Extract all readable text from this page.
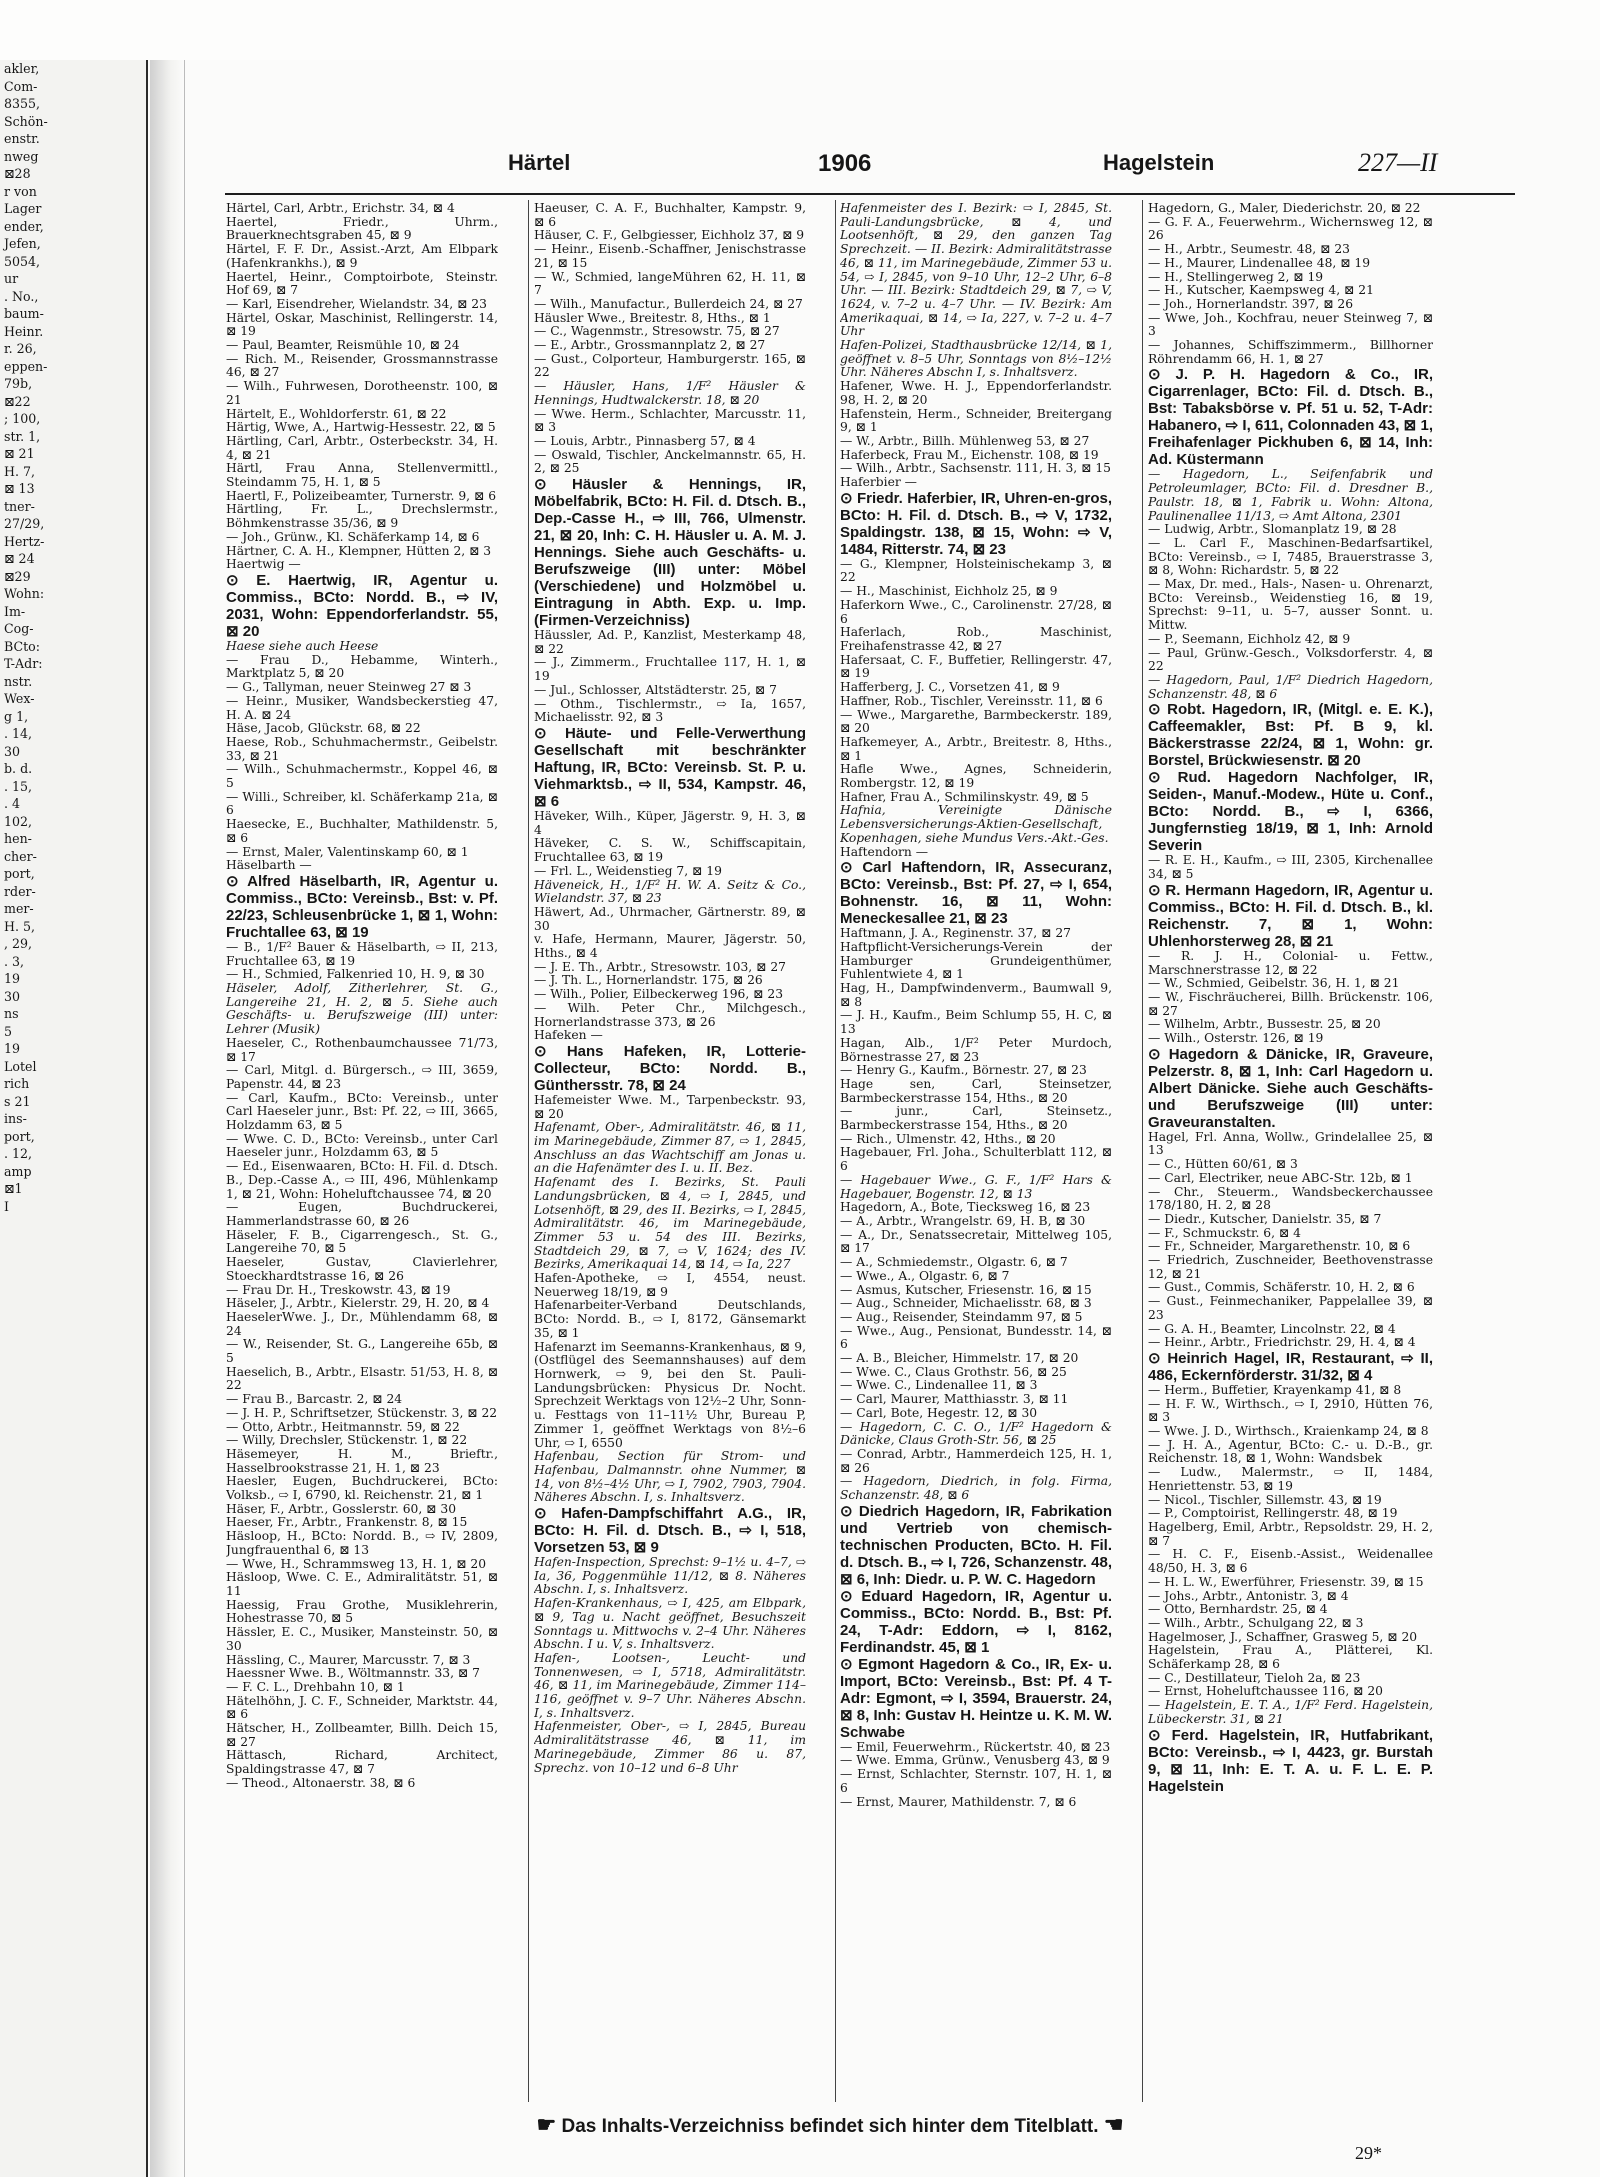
akler,
Com-
8355,
Schön-
enstr.
nweg
⊠28
r von
Lager
ender,
Jefen,
5054,
ur
. No.,
baum-
Heinr.
r. 26,
eppen-
79b,
⊠22
; 100,
str. 1,
⊠ 21
H. 7,
⊠ 13
tner-
27/29,
Hertz-
⊠ 24
⊠29
Wohn:
Im-
Cog-
BCto:
T-Adr:
nstr.
Wex-
g 1,
. 14,
30
b. d.
. 15,
. 4
102,
hen-
cher-
port,
rder-
mer-
H. 5,
, 29,
. 3,
19
30
ns
5
19
Lotel
rich
s 21
ins-
port,
. 12,
amp
⊠1
I
Härtel	1906	Hagelstein	227—II
Härtel, Carl, Arbtr., Erichstr. 34, ⊠ 4
Haertel, Friedr., Uhrm., Brauerknechtsgraben 45, ⊠ 9
Härtel, F. F. Dr., Assist.-Arzt, Am Elbpark (Hafenkrankhs.), ⊠ 9
Haertel, Heinr., Comptoirbote, Steinstr. Hof 69, ⊠ 7
— Karl, Eisendreher, Wielandstr. 34, ⊠ 23
Härtel, Oskar, Maschinist, Rellingerstr. 14, ⊠ 19
— Paul, Beamter, Reismühle 10, ⊠ 24
— Rich. M., Reisender, Grossmannstrasse 46, ⊠ 27
— Wilh., Fuhrwesen, Dorotheenstr. 100, ⊠ 21
Härtelt, E., Wohldorferstr. 61, ⊠ 22
Härtig, Wwe, A., Hartwig-Hessestr. 22, ⊠ 5
Härtling, Carl, Arbtr., Osterbeckstr. 34, H. 4, ⊠ 21
Härtl, Frau Anna, Stellenvermittl., Steindamm 75, H. 1, ⊠ 5
Haertl, F., Polizeibeamter, Turnerstr. 9, ⊠ 6
Härtling, Fr. L., Drechslermstr., Böhmkenstrasse 35/36, ⊠ 9
— Joh., Grünw., Kl. Schäferkamp 14, ⊠ 6
Härtner, C. A. H., Klempner, Hütten 2, ⊠ 3
Haertwig —
⊙ E. Haertwig, IR, Agentur u. Commiss., BCto: Nordd. B., ⇨ IV, 2031, Wohn: Eppendorferlandstr. 55, ⊠ 20
Haese siehe auch Heese
— Frau D., Hebamme, Winterh., Marktplatz 5, ⊠ 20
— G., Tallyman, neuer Steinweg 27 ⊠ 3
— Heinr., Musiker, Wandsbeckerstieg 47, H. A. ⊠ 24
Häse, Jacob, Glückstr. 68, ⊠ 22
Haese, Rob., Schuhmachermstr., Geibelstr. 33, ⊠ 21
— Wilh., Schuhmachermstr., Koppel 46, ⊠ 5
— Willi., Schreiber, kl. Schäferkamp 21a, ⊠ 6
Haesecke, E., Buchhalter, Mathildenstr. 5, ⊠ 6
— Ernst, Maler, Valentinskamp 60, ⊠ 1
Häselbarth —
⊙ Alfred Häselbarth, IR, Agentur u. Commiss., BCto: Vereinsb., Bst: v. Pf. 22/23, Schleusenbrücke 1, ⊠ 1, Wohn: Fruchtallee 63, ⊠ 19
— B., 1/F² Bauer & Häselbarth, ⇨ II, 213, Fruchtallee 63, ⊠ 19
— H., Schmied, Falkenried 10, H. 9, ⊠ 30
Häseler, Adolf, Zitherlehrer, St. G., Langereihe 21, H. 2, ⊠ 5. Siehe auch Geschäfts- u. Berufszweige (III) unter: Lehrer (Musik)
Haeseler, C., Rothenbaumchaussee 71/73, ⊠ 17
— Carl, Mitgl. d. Bürgersch., ⇨ III, 3659, Papenstr. 44, ⊠ 23
— Carl, Kaufm., BCto: Vereinsb., unter Carl Haeseler junr., Bst: Pf. 22, ⇨ III, 3665, Holzdamm 63, ⊠ 5
— Wwe. C. D., BCto: Vereinsb., unter Carl Haeseler junr., Holzdamm 63, ⊠ 5
— Ed., Eisenwaaren, BCto: H. Fil. d. Dtsch. B., Dep.-Casse A., ⇨ III, 496, Mühlenkamp 1, ⊠ 21, Wohn: Hoheluftchaussee 74, ⊠ 20
— Eugen, Buchdruckerei, Hammerlandstrasse 60, ⊠ 26
Häseler, F. B., Cigarrengesch., St. G., Langereihe 70, ⊠ 5
Haeseler, Gustav, Clavierlehrer, Stoeckhardtstrasse 16, ⊠ 26
— Frau Dr. H., Treskowstr. 43, ⊠ 19
Häseler, J., Arbtr., Kielerstr. 29, H. 20, ⊠ 4
HaeselerWwe. J., Dr., Mühlendamm 68, ⊠ 24
— W., Reisender, St. G., Langereihe 65b, ⊠ 5
Haeselich, B., Arbtr., Elsastr. 51/53, H. 8, ⊠ 22
— Frau B., Barcastr. 2, ⊠ 24
— J. H. P., Schriftsetzer, Stückenstr. 3, ⊠ 22
— Otto, Arbtr., Heitmannstr. 59, ⊠ 22
— Willy, Drechsler, Stückenstr. 1, ⊠ 22
Häsemeyer, H. M., Brieftr., Hasselbrookstrasse 21, H. 1, ⊠ 23
Haesler, Eugen, Buchdruckerei, BCto: Volksb., ⇨ I, 6790, kl. Reichenstr. 21, ⊠ 1
Häser, F., Arbtr., Gosslerstr. 60, ⊠ 30
Haeser, Fr., Arbtr., Frankenstr. 8, ⊠ 15
Häsloop, H., BCto: Nordd. B., ⇨ IV, 2809, Jungfrauenthal 6, ⊠ 13
— Wwe, H., Schrammsweg 13, H. 1, ⊠ 20
Häsloop, Wwe. C. E., Admiralitätstr. 51, ⊠ 11
Haessig, Frau Grothe, Musiklehrerin, Hohestrasse 70, ⊠ 5
Hässler, E. C., Musiker, Mansteinstr. 50, ⊠ 30
Hässling, C., Maurer, Marcusstr. 7, ⊠ 3
Haessner Wwe. B., Wöltmannstr. 33, ⊠ 7
— F. C. L., Drehbahn 10, ⊠ 1
Hätelhöhn, J. C. F., Schneider, Marktstr. 44, ⊠ 6
Hätscher, H., Zollbeamter, Billh. Deich 15, ⊠ 27
Hättasch, Richard, Architect, Spaldingstrasse 47, ⊠ 7
— Theod., Altonaerstr. 38, ⊠ 6
Haeuser, C. A. F., Buchhalter, Kampstr. 9, ⊠ 6
Häuser, C. F., Gelbgiesser, Eichholz 37, ⊠ 9
— Heinr., Eisenb.-Schaffner, Jenischstrasse 21, ⊠ 15
— W., Schmied, langeMühren 62, H. 11, ⊠ 7
— Wilh., Manufactur., Bullerdeich 24, ⊠ 27
Häusler Wwe., Breitestr. 8, Hths., ⊠ 1
— C., Wagenmstr., Stresowstr. 75, ⊠ 27
— E., Arbtr., Grossmannplatz 2, ⊠ 27
— Gust., Colporteur, Hamburgerstr. 165, ⊠ 22
— Häusler, Hans, 1/F² Häusler & Hennings, Hudtwalckerstr. 18, ⊠ 20
— Wwe. Herm., Schlachter, Marcusstr. 11, ⊠ 3
— Louis, Arbtr., Pinnasberg 57, ⊠ 4
— Oswald, Tischler, Anckelmannstr. 65, H. 2, ⊠ 25
⊙ Häusler & Hennings, IR, Möbelfabrik, BCto: H. Fil. d. Dtsch. B., Dep.-Casse H., ⇨ III, 766, Ulmenstr. 21, ⊠ 20, Inh: C. H. Häusler u. A. M. J. Hennings. Siehe auch Geschäfts- u. Berufszweige (III) unter: Möbel (Verschiedene) und Holzmöbel u. Eintragung in Abth. Exp. u. Imp. (Firmen-Verzeichniss)
Häussler, Ad. P., Kanzlist, Mesterkamp 48, ⊠ 22
— J., Zimmerm., Fruchtallee 117, H. 1, ⊠ 19
— Jul., Schlosser, Altstädterstr. 25, ⊠ 7
— Othm., Tischlermstr., ⇨ Ia, 1657, Michaelisstr. 92, ⊠ 3
⊙ Häute- und Felle-Verwerthung Gesellschaft mit beschränkter Haftung, IR, BCto: Vereinsb. St. P. u. Viehmarktsb., ⇨ II, 534, Kampstr. 46, ⊠ 6
Häveker, Wilh., Küper, Jägerstr. 9, H. 3, ⊠ 4
Häveker, C. S. W., Schiffscapitain, Fruchtallee 63, ⊠ 19
— Frl. L., Weidenstieg 7, ⊠ 19
Häveneick, H., 1/F² H. W. A. Seitz & Co., Wielandstr. 37, ⊠ 23
Häwert, Ad., Uhrmacher, Gärtnerstr. 89, ⊠ 30
v. Hafe, Hermann, Maurer, Jägerstr. 50, Hths., ⊠ 4
— J. E. Th., Arbtr., Stresowstr. 103, ⊠ 27
— J. Th. L., Hornerlandstr. 175, ⊠ 26
— Wilh., Polier, Eilbeckerweg 196, ⊠ 23
— Wilh. Peter Chr., Milchgesch., Hornerlandstrasse 373, ⊠ 26
Hafeken —
⊙ Hans Hafeken, IR, Lotterie-Collecteur, BCto: Nordd. B., Günthersstr. 78, ⊠ 24
Hafemeister Wwe. M., Tarpenbeckstr. 93, ⊠ 20
Hafenamt, Ober-, Admiralitätstr. 46, ⊠ 11, im Marinegebäude, Zimmer 87, ⇨ 1, 2845, Anschluss an das Wachtschiff am Jonas u. an die Hafenämter des I. u. II. Bez.
Hafenamt des I. Bezirks, St. Pauli Landungsbrücken, ⊠ 4, ⇨ I, 2845, und Lotsenhöft, ⊠ 29, des II. Bezirks, ⇨ I, 2845, Admiralitätstr. 46, im Marinegebäude, Zimmer 53 u. 54 des III. Bezirks, Stadtdeich 29, ⊠ 7, ⇨ V, 1624; des IV. Bezirks, Amerikaquai 14, ⊠ 14, ⇨ Ia, 227
Hafen-Apotheke, ⇨ I, 4554, neust. Neuerweg 18/19, ⊠ 9
Hafenarbeiter-Verband Deutschlands, BCto: Nordd. B., ⇨ I, 8172, Gänsemarkt 35, ⊠ 1
Hafenarzt im Seemanns-Krankenhaus, ⊠ 9, (Ostflügel des Seemannshauses) auf dem Hornwerk, ⇨ 9, bei den St. Pauli-Landungsbrücken: Physicus Dr. Nocht. Sprechzeit Werktags von 12½–2 Uhr, Sonn- u. Festtags von 11–11½ Uhr, Bureau P, Zimmer 1, geöffnet Werktags von 8½–6 Uhr, ⇨ I, 6550
Hafenbau, Section für Strom- und Hafenbau, Dalmannstr. ohne Nummer, ⊠ 14, von 8½–4½ Uhr, ⇨ I, 7902, 7903, 7904. Näheres Abschn. I, s. Inhaltsverz.
⊙ Hafen-Dampfschiffahrt A.G., IR, BCto: H. Fil. d. Dtsch. B., ⇨ I, 518, Vorsetzen 53, ⊠ 9
Hafen-Inspection, Sprechst: 9–1½ u. 4–7, ⇨ Ia, 36, Poggenmühle 11/12, ⊠ 8. Näheres Abschn. I, s. Inhaltsverz.
Hafen-Krankenhaus, ⇨ I, 425, am Elbpark, ⊠ 9, Tag u. Nacht geöffnet, Besuchszeit Sonntags u. Mittwochs v. 2–4 Uhr. Näheres Abschn. I u. V, s. Inhaltsverz.
Hafen-, Lootsen-, Leucht- und Tonnenwesen, ⇨ I, 5718, Admiralitätstr. 46, ⊠ 11, im Marinegebäude, Zimmer 114–116, geöffnet v. 9–7 Uhr. Näheres Abschn. I, s. Inhaltsverz.
Hafenmeister, Ober-, ⇨ I, 2845, Bureau Admiralitätstrasse 46, ⊠ 11, im Marinegebäude, Zimmer 86 u. 87, Sprechz. von 10–12 und 6–8 Uhr
Hafenmeister des I. Bezirk: ⇨ I, 2845, St. Pauli-Landungsbrücke, ⊠ 4, und Lootsenhöft, ⊠ 29, den ganzen Tag Sprechzeit. — II. Bezirk: Admiralitätstrasse 46, ⊠ 11, im Marinegebäude, Zimmer 53 u. 54, ⇨ I, 2845, von 9–10 Uhr, 12–2 Uhr, 6–8 Uhr. — III. Bezirk: Stadtdeich 29, ⊠ 7, ⇨ V, 1624, v. 7–2 u. 4–7 Uhr. — IV. Bezirk: Am Amerikaquai, ⊠ 14, ⇨ Ia, 227, v. 7–2 u. 4–7 Uhr
Hafen-Polizei, Stadthausbrücke 12/14, ⊠ 1, geöffnet v. 8–5 Uhr, Sonntags von 8½–12½ Uhr. Näheres Abschn I, s. Inhaltsverz.
Hafener, Wwe. H. J., Eppendorferlandstr. 98, H. 2, ⊠ 20
Hafenstein, Herm., Schneider, Breitergang 9, ⊠ 1
— W., Arbtr., Billh. Mühlenweg 53, ⊠ 27
Haferbeck, Frau M., Eichenstr. 108, ⊠ 19
— Wilh., Arbtr., Sachsenstr. 111, H. 3, ⊠ 15
Haferbier —
⊙ Friedr. Haferbier, IR, Uhren-en-gros, BCto: H. Fil. d. Dtsch. B., ⇨ V, 1732, Spaldingstr. 138, ⊠ 15, Wohn: ⇨ V, 1484, Ritterstr. 74, ⊠ 23
— G., Klempner, Holsteinischekamp 3, ⊠ 22
— H., Maschinist, Eichholz 25, ⊠ 9
Haferkorn Wwe., C., Carolinenstr. 27/28, ⊠ 6
Haferlach, Rob., Maschinist, Freihafenstrasse 42, ⊠ 27
Hafersaat, C. F., Buffetier, Rellingerstr. 47, ⊠ 19
Hafferberg, J. C., Vorsetzen 41, ⊠ 9
Haffner, Rob., Tischler, Vereinsstr. 11, ⊠ 6
— Wwe., Margarethe, Barmbeckerstr. 189, ⊠ 20
Hafkemeyer, A., Arbtr., Breitestr. 8, Hths., ⊠ 1
Hafle Wwe., Agnes, Schneiderin, Rombergstr. 12, ⊠ 19
Hafner, Frau A., Schmilinskystr. 49, ⊠ 5
Hafnia, Vereinigte Dänische Lebensversicherungs-Aktien-Gesellschaft, Kopenhagen, siehe Mundus Vers.-Akt.-Ges.
Haftendorn —
⊙ Carl Haftendorn, IR, Assecuranz, BCto: Vereinsb., Bst: Pf. 27, ⇨ I, 654, Bohnenstr. 16, ⊠ 11, Wohn: Meneckesallee 21, ⊠ 23
Haftmann, J. A., Reginenstr. 37, ⊠ 27
Haftpflicht-Versicherungs-Verein der Hamburger Grundeigenthümer, Fuhlentwiete 4, ⊠ 1
Hag, H., Dampfwindenverm., Baumwall 9, ⊠ 8
— J. H., Kaufm., Beim Schlump 55, H. C, ⊠ 13
Hagan, Alb., 1/F² Peter Murdoch, Börnestrasse 27, ⊠ 23
— Henry G., Kaufm., Börnestr. 27, ⊠ 23
Hage sen, Carl, Steinsetzer, Barmbeckerstrasse 154, Hths., ⊠ 20
— junr., Carl, Steinsetz., Barmbeckerstrasse 154, Hths., ⊠ 20
— Rich., Ulmenstr. 42, Hths., ⊠ 20
Hagebauer, Frl. Joha., Schulterblatt 112, ⊠ 6
— Hagebauer Wwe., G. F., 1/F² Hars & Hagebauer, Bogenstr. 12, ⊠ 13
Hagedorn, A., Bote, Tiecksweg 16, ⊠ 23
— A., Arbtr., Wrangelstr. 69, H. B, ⊠ 30
— A., Dr., Senatssecretair, Mittelweg 105, ⊠ 17
— A., Schmiedemstr., Olgastr. 6, ⊠ 7
— Wwe., A., Olgastr. 6, ⊠ 7
— Asmus, Kutscher, Friesenstr. 16, ⊠ 15
— Aug., Schneider, Michaelisstr. 68, ⊠ 3
— Aug., Reisender, Steindamm 97, ⊠ 5
— Wwe., Aug., Pensionat, Bundesstr. 14, ⊠ 6
— A. B., Bleicher, Himmelstr. 17, ⊠ 20
— Wwe. C., Claus Grothstr. 56, ⊠ 25
— Wwe. C., Lindenallee 11, ⊠ 3
— Carl, Maurer, Matthiasstr. 3, ⊠ 11
— Carl, Bote, Hegestr. 12, ⊠ 30
— Hagedorn, C. C. O., 1/F² Hagedorn & Dänicke, Claus Groth-Str. 56, ⊠ 25
— Conrad, Arbtr., Hammerdeich 125, H. 1, ⊠ 26
— Hagedorn, Diedrich, in folg. Firma, Schanzenstr. 48, ⊠ 6
⊙ Diedrich Hagedorn, IR, Fabrikation und Vertrieb von chemisch-technischen Producten, BCto. H. Fil. d. Dtsch. B., ⇨ I, 726, Schanzenstr. 48, ⊠ 6, Inh: Diedr. u. P. W. C. Hagedorn
⊙ Eduard Hagedorn, IR, Agentur u. Commiss., BCto: Nordd. B., Bst: Pf. 24, T-Adr: Eddorn, ⇨ I, 8162, Ferdinandstr. 45, ⊠ 1
⊙ Egmont Hagedorn & Co., IR, Ex- u. Import, BCto: Vereinsb., Bst: Pf. 4 T-Adr: Egmont, ⇨ I, 3594, Brauerstr. 24, ⊠ 8, Inh: Gustav H. Heintze u. K. M. W. Schwabe
— Emil, Feuerwehrm., Rückertstr. 40, ⊠ 23
— Wwe. Emma, Grünw., Venusberg 43, ⊠ 9
— Ernst, Schlachter, Sternstr. 107, H. 1, ⊠ 6
— Ernst, Maurer, Mathildenstr. 7, ⊠ 6
Hagedorn, G., Maler, Diederichstr. 20, ⊠ 22
— G. F. A., Feuerwehrm., Wichernsweg 12, ⊠ 26
— H., Arbtr., Seumestr. 48, ⊠ 23
— H., Maurer, Lindenallee 48, ⊠ 19
— H., Stellingerweg 2, ⊠ 19
— H., Kutscher, Kaempsweg 4, ⊠ 21
— Joh., Hornerlandstr. 397, ⊠ 26
— Wwe, Joh., Kochfrau, neuer Steinweg 7, ⊠ 3
— Johannes, Schiffszimmerm., Billhorner Röhrendamm 66, H. 1, ⊠ 27
⊙ J. P. H. Hagedorn & Co., IR, Cigarrenlager, BCto: Fil. d. Dtsch. B., Bst: Tabaksbörse v. Pf. 51 u. 52, T-Adr: Habanero, ⇨ I, 611, Colonnaden 43, ⊠ 1, Freihafenlager Pickhuben 6, ⊠ 14, Inh: Ad. Küstermann
— Hagedorn, L., Seifenfabrik und Petroleumlager, BCto: Fil. d. Dresdner B., Paulstr. 18, ⊠ 1, Fabrik u. Wohn: Altona, Paulinenallee 11/13, ⇨ Amt Altona, 2301
— Ludwig, Arbtr., Slomanplatz 19, ⊠ 28
— L. Carl F., Maschinen-Bedarfsartikel, BCto: Vereinsb., ⇨ I, 7485, Brauerstrasse 3, ⊠ 8, Wohn: Richardstr. 5, ⊠ 22
— Max, Dr. med., Hals-, Nasen- u. Ohrenarzt, BCto: Vereinsb., Weidenstieg 16, ⊠ 19, Sprechst: 9–11, u. 5–7, ausser Sonnt. u. Mittw.
— P., Seemann, Eichholz 42, ⊠ 9
— Paul, Grünw.-Gesch., Volksdorferstr. 4, ⊠ 22
— Hagedorn, Paul, 1/F² Diedrich Hagedorn, Schanzenstr. 48, ⊠ 6
⊙ Robt. Hagedorn, IR, (Mitgl. e. E. K.), Caffeemakler, Bst: Pf. B 9, kl. Bäckerstrasse 22/24, ⊠ 1, Wohn: gr. Borstel, Brückwiesenstr. ⊠ 20
⊙ Rud. Hagedorn Nachfolger, IR, Seiden-, Manuf.-Modew., Hüte u. Conf., BCto: Nordd. B., ⇨ I, 6366, Jungfernstieg 18/19, ⊠ 1, Inh: Arnold Severin
— R. E. H., Kaufm., ⇨ III, 2305, Kirchenallee 34, ⊠ 5
⊙ R. Hermann Hagedorn, IR, Agentur u. Commiss., BCto: H. Fil. d. Dtsch. B., kl. Reichenstr. 7, ⊠ 1, Wohn: Uhlenhorsterweg 28, ⊠ 21
— R. J. H., Colonial- u. Fettw., Marschnerstrasse 12, ⊠ 22
— W., Schmied, Geibelstr. 36, H. 1, ⊠ 21
— W., Fischräucherei, Billh. Brückenstr. 106, ⊠ 27
— Wilhelm, Arbtr., Bussestr. 25, ⊠ 20
— Wilh., Osterstr. 126, ⊠ 19
⊙ Hagedorn & Dänicke, IR, Graveure, Pelzerstr. 8, ⊠ 1, Inh: Carl Hagedorn u. Albert Dänicke. Siehe auch Geschäfts- und Berufszweige (III) unter: Graveuranstalten.
Hagel, Frl. Anna, Wollw., Grindelallee 25, ⊠ 13
— C., Hütten 60/61, ⊠ 3
— Carl, Electriker, neue ABC-Str. 12b, ⊠ 1
— Chr., Steuerm., Wandsbeckerchaussee 178/180, H. 2, ⊠ 28
— Diedr., Kutscher, Danielstr. 35, ⊠ 7
— F., Schmuckstr. 6, ⊠ 4
— Fr., Schneider, Margarethenstr. 10, ⊠ 6
— Friedrich, Zuschneider, Beethovenstrasse 12, ⊠ 21
— Gust., Commis, Schäferstr. 10, H. 2, ⊠ 6
— Gust., Feinmechaniker, Pappelallee 39, ⊠ 23
— G. A. H., Beamter, Lincolnstr. 22, ⊠ 4
— Heinr., Arbtr., Friedrichstr. 29, H. 4, ⊠ 4
⊙ Heinrich Hagel, IR, Restaurant, ⇨ II, 486, Eckernförderstr. 31/32, ⊠ 4
— Herm., Buffetier, Krayenkamp 41, ⊠ 8
— H. F. W., Wirthsch., ⇨ I, 2910, Hütten 76, ⊠ 3
— Wwe. J. D., Wirthsch., Kraienkamp 24, ⊠ 8
— J. H. A., Agentur, BCto: C.- u. D.-B., gr. Reichenstr. 18, ⊠ 1, Wohn: Wandsbek
— Ludw., Malermstr., ⇨ II, 1484, Henriettenstr. 53, ⊠ 19
— Nicol., Tischler, Sillemstr. 43, ⊠ 19
— P., Comptoirist, Rellingerstr. 48, ⊠ 19
Hagelberg, Emil, Arbtr., Repsoldstr. 29, H. 2, ⊠ 7
— H. C. F., Eisenb.-Assist., Weidenallee 48/50, H. 3, ⊠ 6
— H. L. W., Ewerführer, Friesenstr. 39, ⊠ 15
— Johs., Arbtr., Antonistr. 3, ⊠ 4
— Otto, Bernhardstr. 25, ⊠ 4
— Wilh., Arbtr., Schulgang 22, ⊠ 3
Hagelmoser, J., Schaffner, Grasweg 5, ⊠ 20
Hagelstein, Frau A., Plätterei, Kl. Schäferkamp 28, ⊠ 6
— C., Destillateur, Tieloh 2a, ⊠ 23
— Ernst, Hoheluftchaussee 116, ⊠ 20
— Hagelstein, E. T. A., 1/F² Ferd. Hagelstein, Lübeckerstr. 31, ⊠ 21
⊙ Ferd. Hagelstein, IR, Hutfabrikant, BCto: Vereinsb., ⇨ I, 4423, gr. Burstah 9, ⊠ 11, Inh: E. T. A. u. F. L. E. P. Hagelstein
☛ Das Inhalts-Verzeichniss befindet sich hinter dem Titelblatt. ☚
29*
